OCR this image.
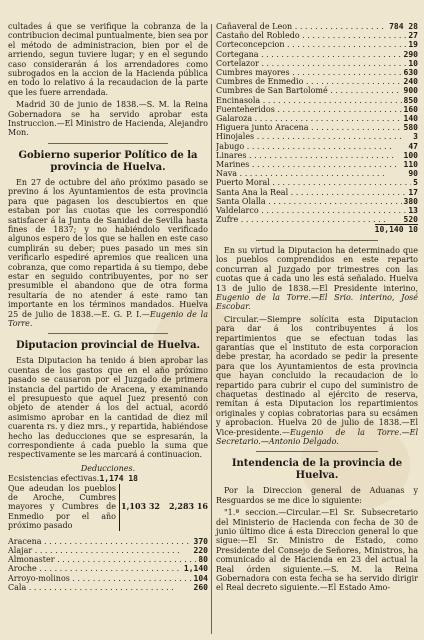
cultades á que se verifique la cobranza de la contribucion decimal puntualmente, bien sea por el método de administracion, bien por el de arriendo, segun tuviere lugar; y en el segundo caso considerarán á los arrendadores como subrogados en la accion de la Hacienda pública en todo lo relativo á la recaudacion de la parte que les fuere arrendada.

Madrid 30 de junio de 1838.—S. M. la Reina Gobernadora se ha servido aprobar esta Instruccion.—El Ministro de Hacienda, Alejandro Mon.

Gobierno superior Político de la provincia de Huelva.

En 27 de octubre del año próximo pasado se previno á los Ayuntamientos de esta provincia para que pagasen los descubiertos en que estaban por las cuotas que les correspondió satisfacer á la Junta de Sanidad de Sevilla hasta fines de 1837; y no habiéndolo verificado algunos espero de los que se hallen en este caso cumplirán su deber; pues pasado un mes sin verificarlo espediré apremios que realicen una cobranza, que como repartida á su tiempo, debe estar en seguido contribuyentes, por no ser presumible el abandono que de otra forma resultaría de no atender á este ramo tan importante en los términos mandados. Huelva 25 de julio de 1838.—E. G. P. I.—Eugenio de la Torre.

Diputacion provincial de Huelva.

Esta Diputacion ha tenido á bien aprobar las cuentas de los gastos que en el año próximo pasado se causaron por el Juzgado de primera instancia del partido de Aracena, y examinando el presupuesto que aquel Juez presentó con objeto de atender á los del actual, acordó asimismo aprobar en la cantidad de diez mil cuarenta rs. y diez mrs., y repartida, habiéndose hecho las deducciones que se espresarán, la correspondiente á cada pueblo la suma que respectivamente se les marcará á continuacion.

Deducciones.
Ecsistencias efectivas. 1,174 18
Que adeudan los pueblos de Aroche, Cumbres mayores y Cumbres de Enmedio por el año próximo pasado
1,103 32	2,283 16
Aracena . . .	370
Alajar . . .	220
Almonaster . . .	80
Aroche . . .	1,140
Arroyo-molinos . . .	104
Cala . . .	260
Cañaveral de Leon . . .	784 28
Castaño del Robledo . . .	27
Corteconcepcion . . .	19
Cortegana . . .	290
Cortelazor . . .	10
Cumbres mayores . . .	630
Cumbres de Enmedio . . .	240
Cumbres de San Bartolomé . . .	900
Encinasola . . .	850
Fuenteheridos . . .	160
Galaroza . . .	140
Higuera junto Aracena . . .	580
Hinojales . . .	3
Jabugo . . .	47
Linares . . .	100
Marines . . .	110
Nava . . .	90
Puerto Moral . . .	5
Santa Ana la Real . . .	17
Santa Olalla . . .	380
Valdelarco . . .	13
Zufre . . .	520
10,140 10

En su virtud la Diputacion ha determinado que los pueblos comprendidos en este reparto concurran al Juzgado por trimestres con las cuotas que á cada uno les está señalado. Huelva 13 de julio de 1838.—El Presidente interino, Eugenio de la Torre.—El Srio. interino, José Escobar.

Circular.—Siempre solícita esta Diputacion para dar á los contribuyentes á los repartimientos que se efectuan todas las garantías que el instituto de esta corporacion debe prestar, ha acordado se pedir la presente para que los Ayuntamientos de esta provincia que hayan concluido la recaudacion de lo repartido para cubrir el cupo del suministro de chaquetas destinado al ejército de reserva, remitan á esta Diputacion los repartimientos originales y copias cobratorias para su ecsámen y aprobacion. Huelva 20 de julio de 1838.—El Vice-presidente.—Eugenio de la Torre.—El Secretario.—Antonio Delgado.

Intendencia de la provincia de Huelva.

Por la Direccion general de Aduanas y Resguardos se me dice lo siguiente:

"1.ª seccion.—Circular.—El Sr. Subsecretario del Ministerio de Hacienda con fecha de 30 de junio último dice á esta Direccion general lo que sigue:—El Sr. Ministro de Estado, como Presidente del Consejo de Señores, Ministros, ha comunicado al de Hacienda en 23 del actual la Real órden siguiente.—S. M. la Reina Gobernadora con esta fecha se ha servido dirigir el Real decreto siguiente.—El Estado Amo-
